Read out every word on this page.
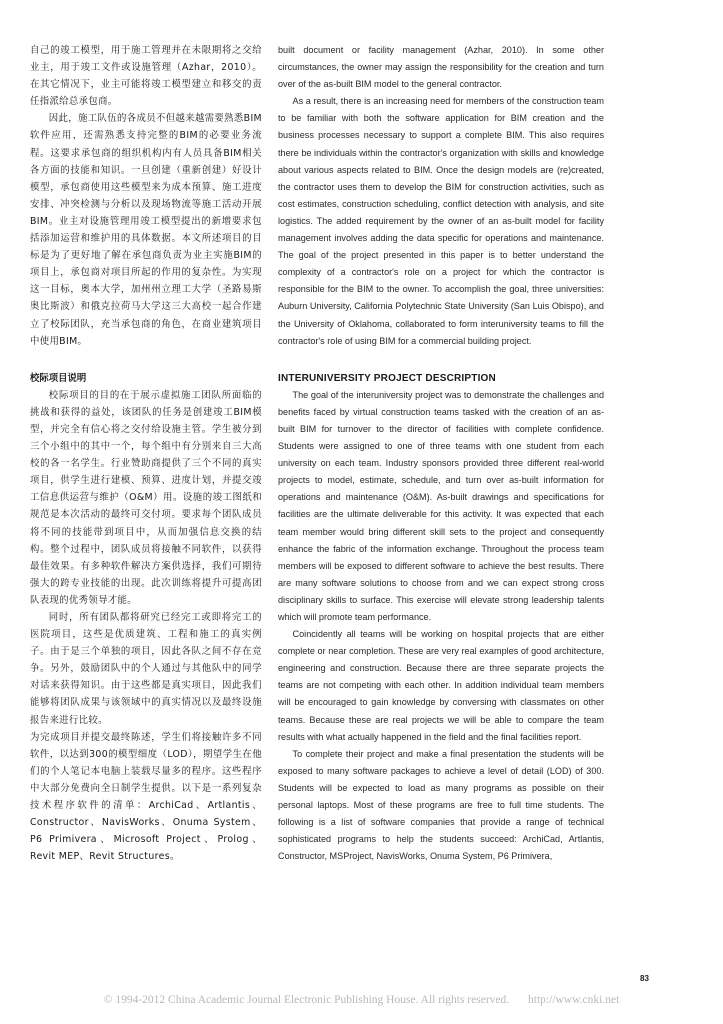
自己的竣工模型，用于施工管理并在未限期将之交给业主，用于竣工文件或设施管理（Azhar，2010）。在其它情况下，业主可能将竣工模型建立和移交的责任指派给总承包商。

因此，施工队伍的各成员不但越来越需要熟悉BIM软件应用，还需熟悉支持完整的BIM的必要业务流程。这要求承包商的组织机构内有人员具备BIM相关各方面的技能和知识。一旦创建（重新创建）好设计模型，承包商使用这些模型来为成本预算、施工进度安排、冲突检测与分析以及现场物流等施工活动开展BIM。业主对设施管理用竣工模型提出的新增要求包括添加运营和维护用的具体数据。本文所述项目的目标是为了更好地了解在承包商负责为业主实施BIM的项目上，承包商对项目所起的作用的复杂性。为实现这一目标，奥本大学，加州州立理工大学（圣路易斯奥比斯波）和俄克拉荷马大学这三大高校一起合作建立了校际团队，充当承包商的角色，在商业建筑项目中使用BIM。

校际项目说明

校际项目的目的在于展示虚拟施工团队所面临的挑战和获得的益处，该团队的任务是创建竣工BIM模型，并完全有信心将之交付给设施主管。学生被分到三个小组中的其中一个，每个组中有分别来自三大高校的各一名学生。行业赞助商提供了三个不同的真实项目，供学生进行建模、预算、进度计划，并提交竣工信息供运营与维护（O&M）用。设施的竣工图纸和规范是本次活动的最终可交付项。要求每个团队成员将不同的技能带到项目中，从而加强信息交换的结构。整个过程中，团队成员将接触不同软件，以获得最佳效果。有多种软件解决方案供选择，我们可期待强大的跨专业技能的出现。此次训练将提升可提高团队表现的优秀领导才能。

同时，所有团队都将研究已经完工或即将完工的医院项目，这些是优质建筑、工程和施工的真实例子。由于是三个单独的项目，因此各队之间不存在竞争。另外，鼓励团队中的个人通过与其他队中的同学对话来获得知识。由于这些都是真实项目，因此我们能够将团队成果与该领域中的真实情况以及最终设施报告来进行比较。

为完成项目并提交最终陈述，学生们将接触许多不同软件，以达到300的模型细度（LOD），期望学生在他们的个人笔记本电脑上装载尽量多的程序。这些程序中大部分免费向全日制学生提供。以下是一系列复杂技术程序软件的清单：ArchiCad、Artlantis、Constructor、NavisWorks、Onuma System、P6 Primivera、Microsoft Project、Prolog、Revit MEP、Revit Structures。

built document or facility management (Azhar, 2010). In some other circumstances, the owner may assign the responsibility for the creation and turn over of the as-built BIM model to the general contractor.

As a result, there is an increasing need for members of the construction team to be familiar with both the software application for BIM creation and the business processes necessary to support a complete BIM. This also requires there be individuals within the contractor's organization with skills and knowledge about various aspects related to BIM. Once the design models are (re)created, the contractor uses them to develop the BIM for construction activities, such as cost estimates, construction scheduling, conflict detection with analysis, and site logistics. The added requirement by the owner of an as-built model for facility management involves adding the data specific for operations and maintenance. The goal of the project presented in this paper is to better understand the complexity of a contractor's role on a project for which the contractor is responsible for the BIM to the owner. To accomplish the goal, three universities: Auburn University, California Polytechnic State University (San Luis Obispo), and the University of Oklahoma, collaborated to form interuniversity teams to fill the contractor's role of using BIM for a commercial building project.

INTERUNIVERSITY PROJECT DESCRIPTION

The goal of the interuniversity project was to demonstrate the challenges and benefits faced by virtual construction teams tasked with the creation of an as-built BIM for turnover to the director of facilities with complete confidence. Students were assigned to one of three teams with one student from each university on each team. Industry sponsors provided three different real-world projects to model, estimate, schedule, and turn over as-built information for operations and maintenance (O&M). As-built drawings and specifications for facilities are the ultimate deliverable for this activity. It was expected that each team member would bring different skill sets to the project and consequently enhance the fabric of the information exchange. Throughout the process team members will be exposed to different software to achieve the best results. There are many software solutions to choose from and we can expect strong cross disciplinary skills to surface. This exercise will elevate strong leadership talents which will promote team performance.

Coincidently all teams will be working on hospital projects that are either complete or near completion. These are very real examples of good architecture, engineering and construction. Because there are three separate projects the teams are not competing with each other. In addition individual team members will be encouraged to gain knowledge by conversing with classmates on other teams. Because these are real projects we will be able to compare the team results with what actually happened in the field and the final facilities report.

To complete their project and make a final presentation the students will be exposed to many software packages to achieve a level of detail (LOD) of 300. Students will be expected to load as many programs as possible on their personal laptops. Most of these programs are free to full time students. The following is a list of software companies that provide a range of technical sophisticated programs to help the students succeed: ArchiCad, Artlantis, Constructor, MSProject, NavisWorks, Onuma System, P6 Primivera,

83
© 1994-2012 China Academic Journal Electronic Publishing House. All rights reserved. http://www.cnki.net
